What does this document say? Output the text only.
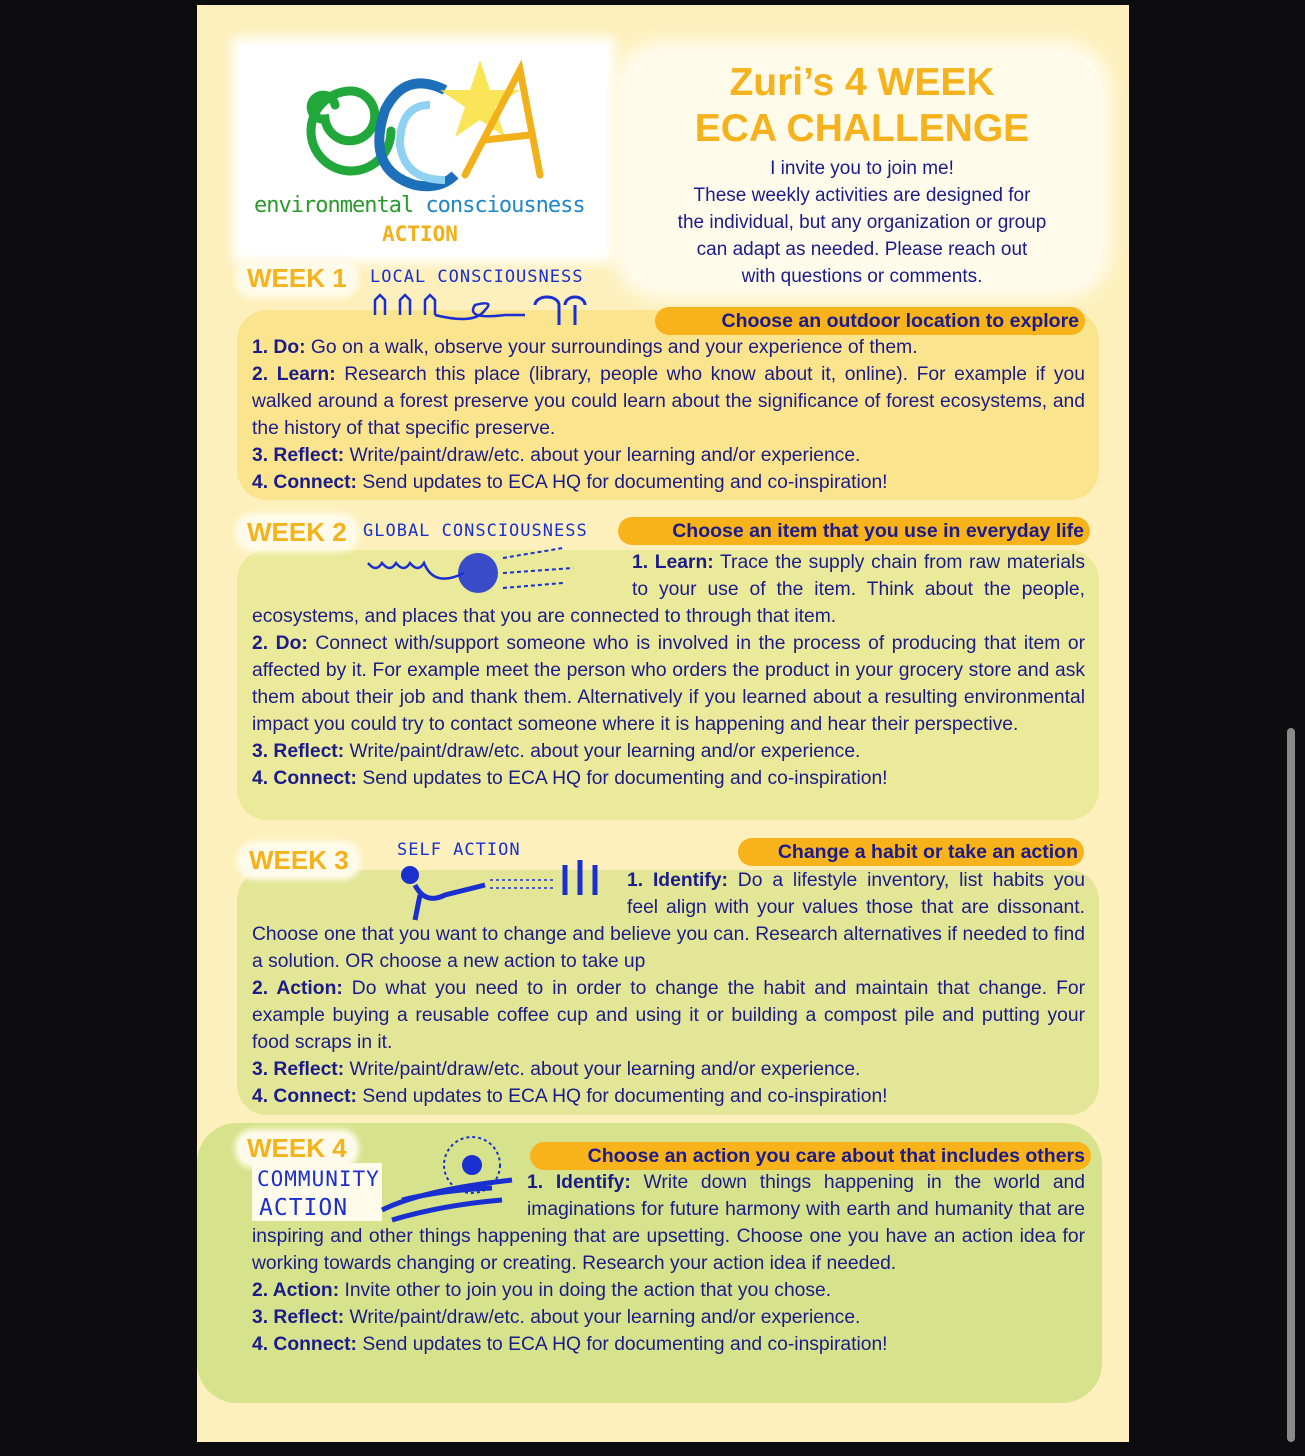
environmental consciousness
ACTION
Zuri’s 4 WEEK
ECA CHALLENGE
I invite you to join me!
These weekly activities are designed for
the individual, but any organization or group
can adapt as needed. Please reach out
with questions or comments.
WEEK 1	LOCAL CONSCIOUSNESS
Choose an outdoor location to explore
1. Do: Go on a walk, observe your surroundings and your experience of them.
2. Learn: Research this place (library, people who know about it, online). For example if you walked around a forest preserve you could learn about the significance of forest ecosystems, and the history of that specific preserve.
3. Reflect: Write/paint/draw/etc. about your learning and/or experience.
4. Connect: Send updates to ECA HQ for documenting and co-inspiration!
WEEK 2 GLOBAL CONSCIOUSNESS	Choose an item that you use in everyday life
1. Learn: Trace the supply chain from raw materials to your use of the item. Think about the people, ecosystems, and places that you are connected to through that item.
2. Do: Connect with/support someone who is involved in the process of producing that item or affected by it. For example meet the person who orders the product in your grocery store and ask them about their job and thank them. Alternatively if you learned about a resulting environmental impact you could try to contact someone where it is happening and hear their perspective.
3. Reflect: Write/paint/draw/etc. about your learning and/or experience.
4. Connect: Send updates to ECA HQ for documenting and co-inspiration!
WEEK 3	SELF ACTION	Change a habit or take an action
1. Identify: Do a lifestyle inventory, list habits you feel align with your values those that are dissonant. Choose one that you want to change and believe you can. Research alternatives if needed to find a solution. OR choose a new action to take up
2. Action: Do what you need to in order to change the habit and maintain that change. For example buying a reusable coffee cup and using it or building a compost pile and putting your food scraps in it.
3. Reflect: Write/paint/draw/etc. about your learning and/or experience.
4. Connect: Send updates to ECA HQ for documenting and co-inspiration!
WEEK 4
COMMUNITY
ACTION
Choose an action you care about that includes others
1. Identify: Write down things happening in the world and imaginations for future harmony with earth and humanity that are inspiring and other things happening that are upsetting. Choose one you have an action idea for working towards changing or creating. Research your action idea if needed.
2. Action: Invite other to join you in doing the action that you chose.
3. Reflect: Write/paint/draw/etc. about your learning and/or experience.
4. Connect: Send updates to ECA HQ for documenting and co-inspiration!
